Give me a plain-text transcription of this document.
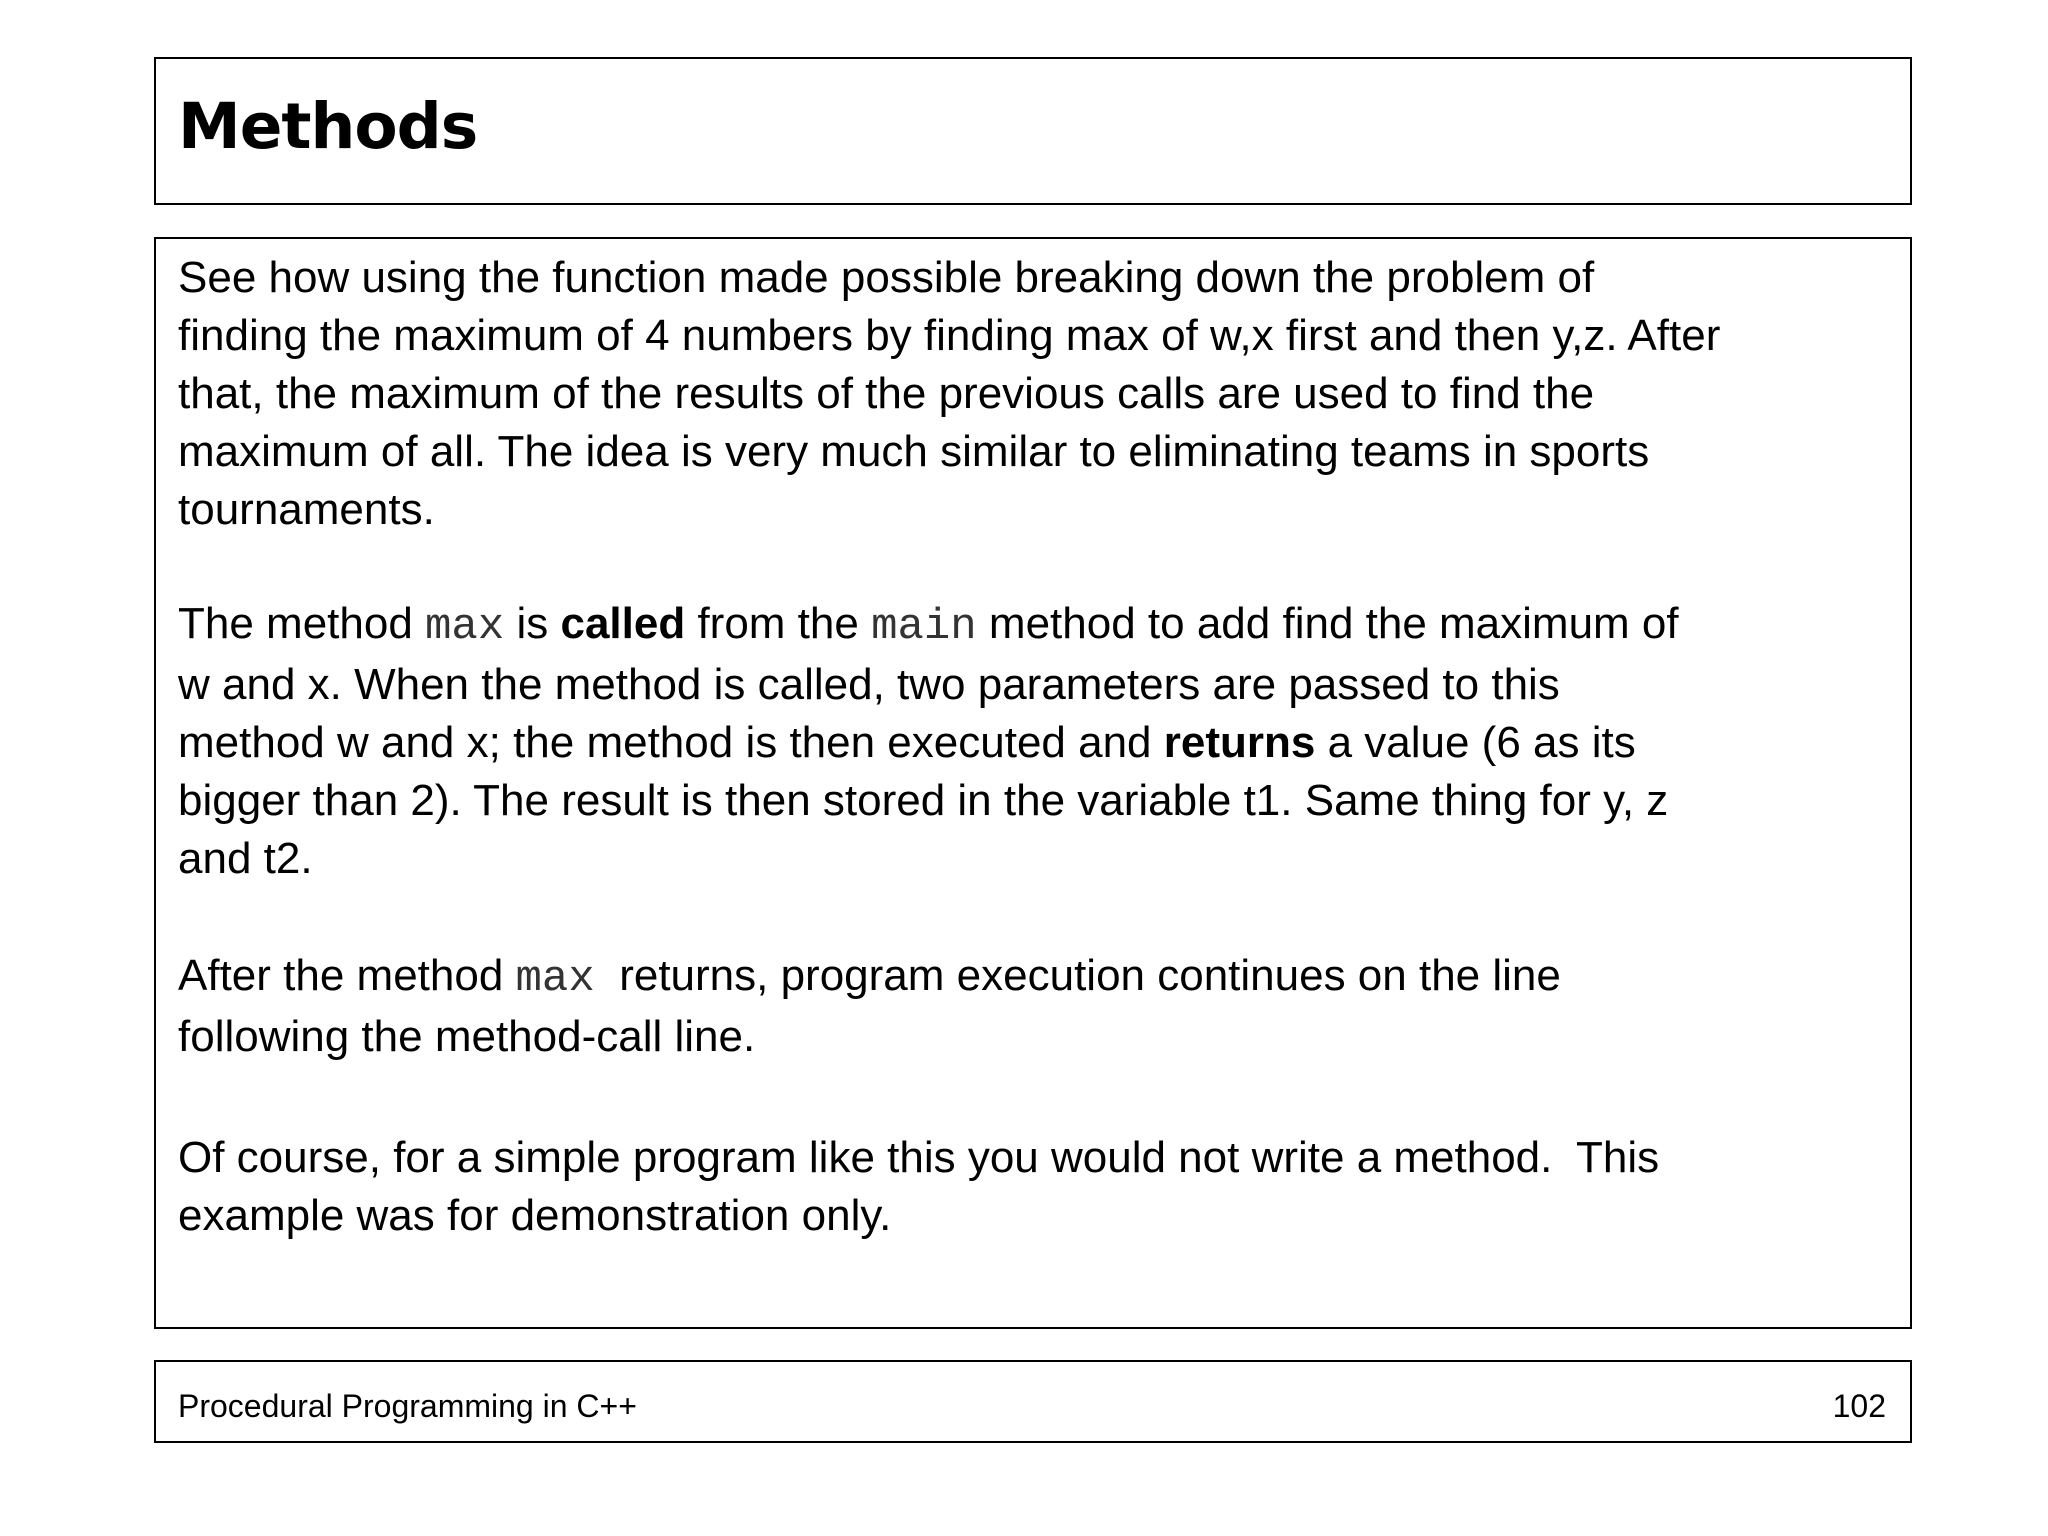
Methods

See how using the function made possible breaking down the problem of
finding the maximum of 4 numbers by finding max of w,x first and then y,z. After
that, the maximum of the results of the previous calls are used to find the
maximum of all. The idea is very much similar to eliminating teams in sports
tournaments.

The method max is called from the main method to add find the maximum of
w and x. When the method is called, two parameters are passed to this
method w and x; the method is then executed and returns a value (6 as its
bigger than 2). The result is then stored in the variable t1. Same thing for y, z
and t2.

After the method max  returns, program execution continues on the line
following the method-call line.

Of course, for a simple program like this you would not write a method.  This
example was for demonstration only.

Procedural Programming in C++	102
